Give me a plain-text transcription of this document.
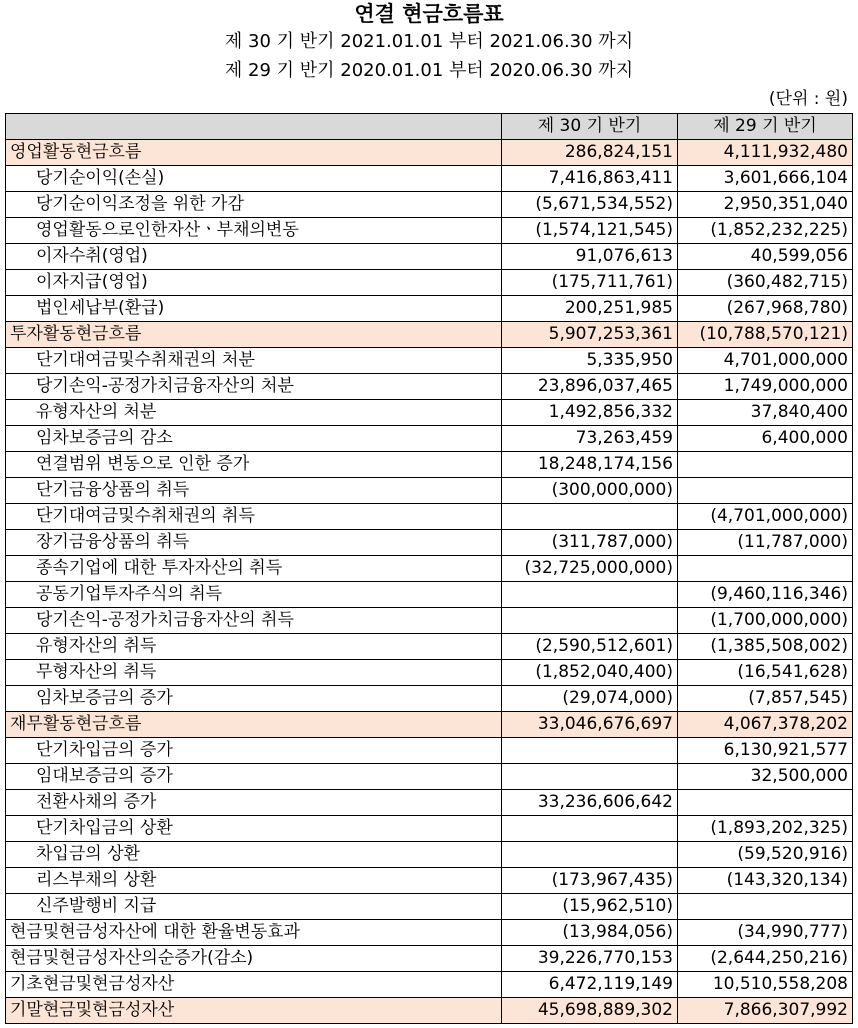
연결 현금흐름표
제 30 기 반기 2021.01.01 부터 2021.06.30 까지
제 29 기 반기 2020.01.01 부터 2020.06.30 까지
(단위 : 원)
	제 30 기 반기	제 29 기 반기
영업활동현금흐름	286,824,151	4,111,932,480
당기순이익(손실)	7,416,863,411	3,601,666,104
당기순이익조정을 위한 가감	(5,671,534,552)	2,950,351,040
영업활동으로인한자산ㆍ부채의변동	(1,574,121,545)	(1,852,232,225)
이자수취(영업)	91,076,613	40,599,056
이자지급(영업)	(175,711,761)	(360,482,715)
법인세납부(환급)	200,251,985	(267,968,780)
투자활동현금흐름	5,907,253,361	(10,788,570,121)
단기대여금및수취채권의 처분	5,335,950	4,701,000,000
당기손익-공정가치금융자산의 처분	23,896,037,465	1,749,000,000
유형자산의 처분	1,492,856,332	37,840,400
임차보증금의 감소	73,263,459	6,400,000
연결범위 변동으로 인한 증가	18,248,174,156	
단기금융상품의 취득	(300,000,000)	
단기대여금및수취채권의 취득		(4,701,000,000)
장기금융상품의 취득	(311,787,000)	(11,787,000)
종속기업에 대한 투자자산의 취득	(32,725,000,000)	
공동기업투자주식의 취득		(9,460,116,346)
당기손익-공정가치금융자산의 취득		(1,700,000,000)
유형자산의 취득	(2,590,512,601)	(1,385,508,002)
무형자산의 취득	(1,852,040,400)	(16,541,628)
임차보증금의 증가	(29,074,000)	(7,857,545)
재무활동현금흐름	33,046,676,697	4,067,378,202
단기차입금의 증가		6,130,921,577
임대보증금의 증가		32,500,000
전환사채의 증가	33,236,606,642	
단기차입금의 상환		(1,893,202,325)
차입금의 상환		(59,520,916)
리스부채의 상환	(173,967,435)	(143,320,134)
신주발행비 지급	(15,962,510)	
현금및현금성자산에 대한 환율변동효과	(13,984,056)	(34,990,777)
현금및현금성자산의순증가(감소)	39,226,770,153	(2,644,250,216)
기초현금및현금성자산	6,472,119,149	10,510,558,208
기말현금및현금성자산	45,698,889,302	7,866,307,992
